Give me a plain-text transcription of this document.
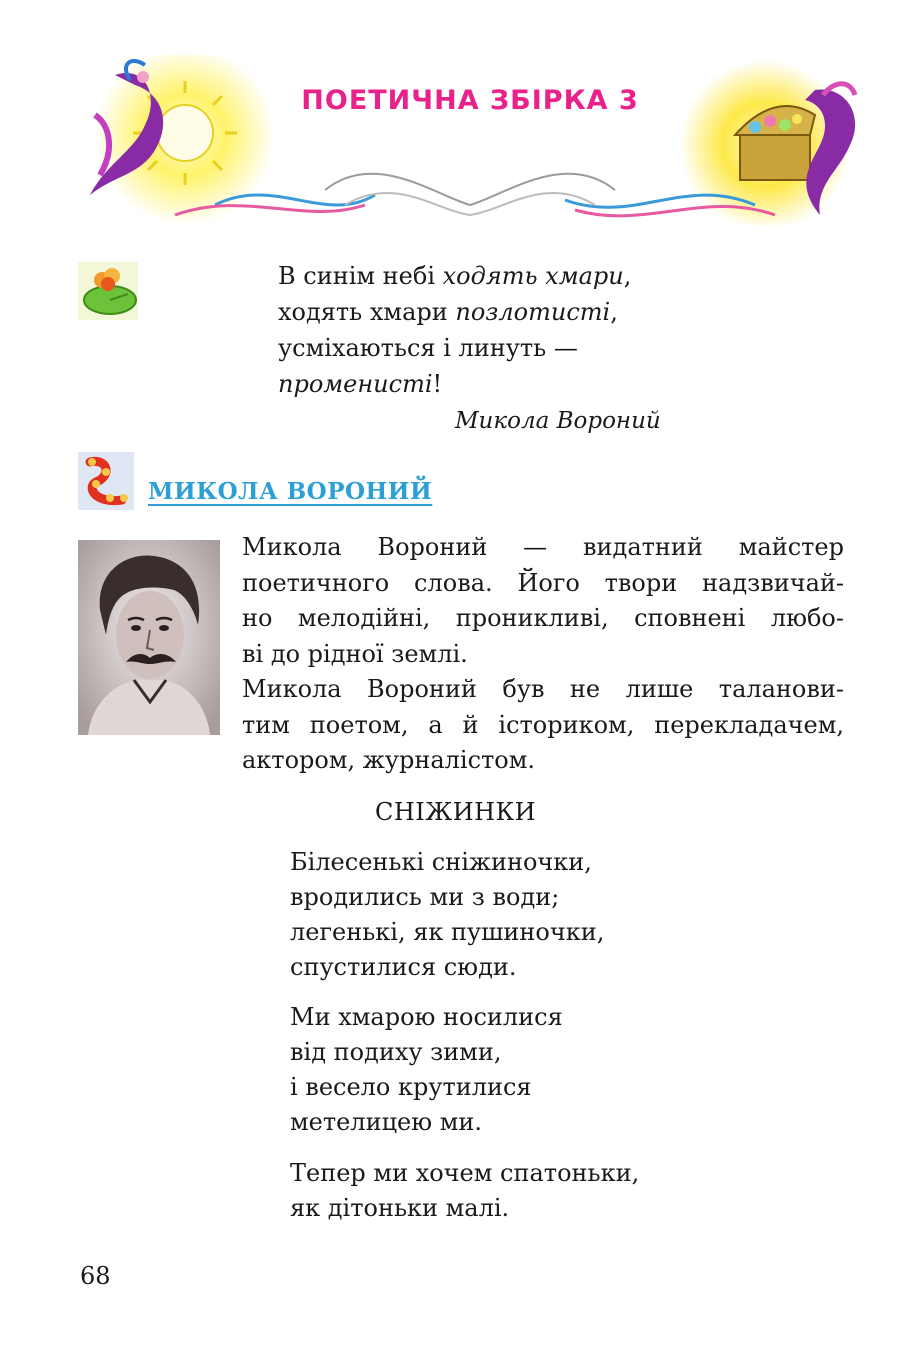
ПОЕТИЧНА ЗБІРКА 3
В синім небі ходять хмари,
ходять хмари позлотисті,
усміхаються і линуть —
променисті!
Микола Вороний
МИКОЛА ВОРОНИЙ
Микола Вороний — видатний майстер
поетичного слова. Його твори надзвичай-
но мелодійні, проникливі, сповнені любо-
ві до рідної землі.
Микола Вороний був не лише таланови-
тим поетом, а й істориком, перекладачем,
актором, журналістом.
СНІЖИНКИ
Білесенькі сніжиночки,
вродились ми з води;
легенькі, як пушиночки,
спустилися сюди.
Ми хмарою носилися
від подиху зими,
і весело крутилися
метелицею ми.
Тепер ми хочем спатоньки,
як дітоньки малі.
68
